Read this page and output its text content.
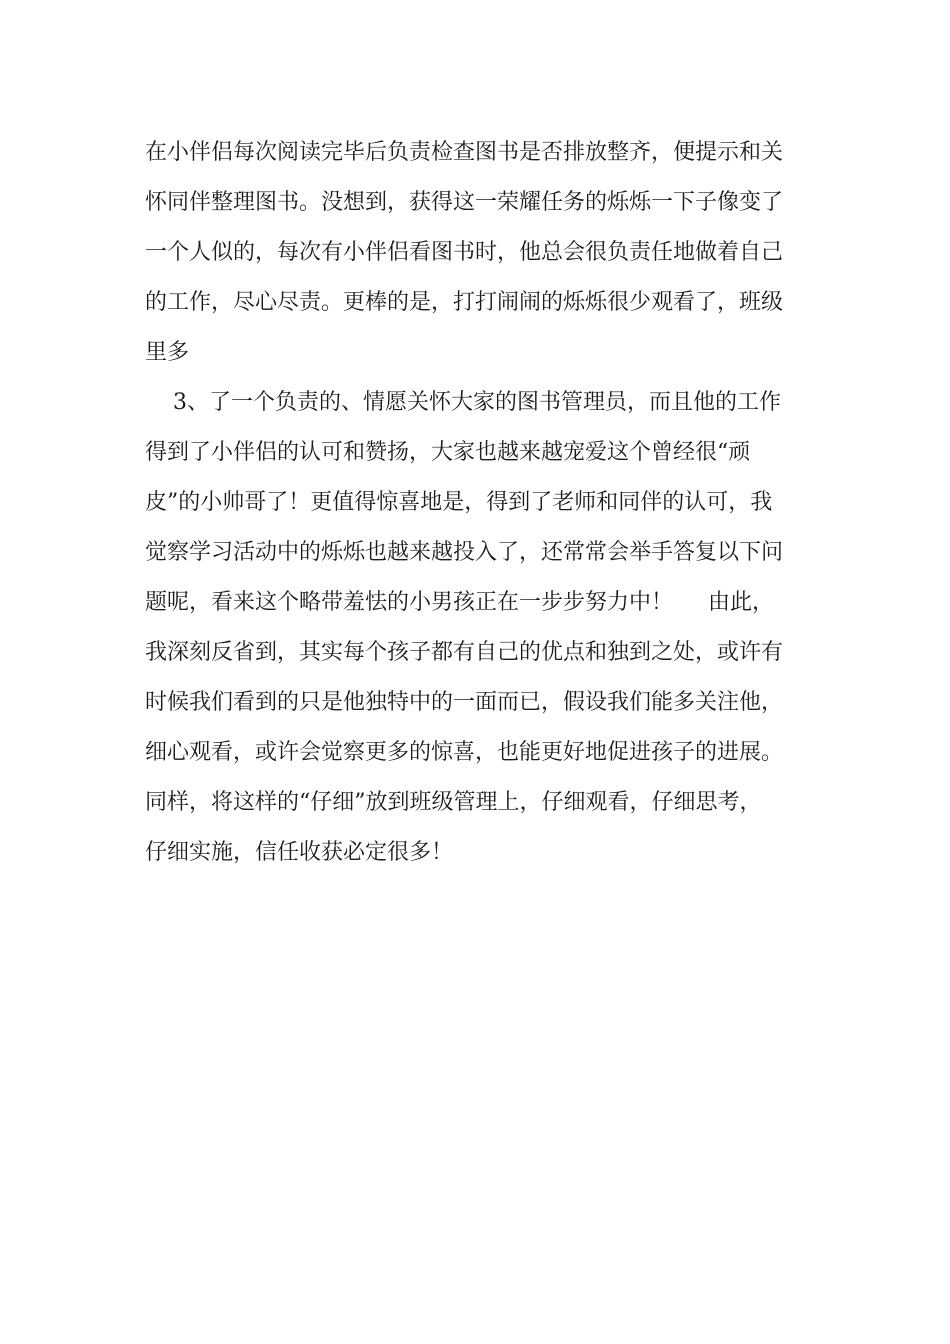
在小伴侣每次阅读完毕后负责检查图书是否排放整齐，便提示和关
怀同伴整理图书。没想到，获得这一荣耀任务的烁烁一下子像变了
一个人似的，每次有小伴侣看图书时，他总会很负责任地做着自己
的工作，尽心尽责。更棒的是，打打闹闹的烁烁很少观看了，班级
里多
3、了一个负责的、情愿关怀大家的图书管理员，而且他的工作
得到了小伴侣的认可和赞扬，大家也越来越宠爱这个曾经很“顽
皮”的小帅哥了！更值得惊喜地是，得到了老师和同伴的认可，我
觉察学习活动中的烁烁也越来越投入了，还常常会举手答复以下问
题呢，看来这个略带羞怯的小男孩正在一步步努力中！     由此，
我深刻反省到，其实每个孩子都有自己的优点和独到之处，或许有
时候我们看到的只是他独特中的一面而已，假设我们能多关注他，
细心观看，或许会觉察更多的惊喜，也能更好地促进孩子的进展。
同样，将这样的“仔细”放到班级管理上，仔细观看，仔细思考，
仔细实施，信任收获必定很多！
